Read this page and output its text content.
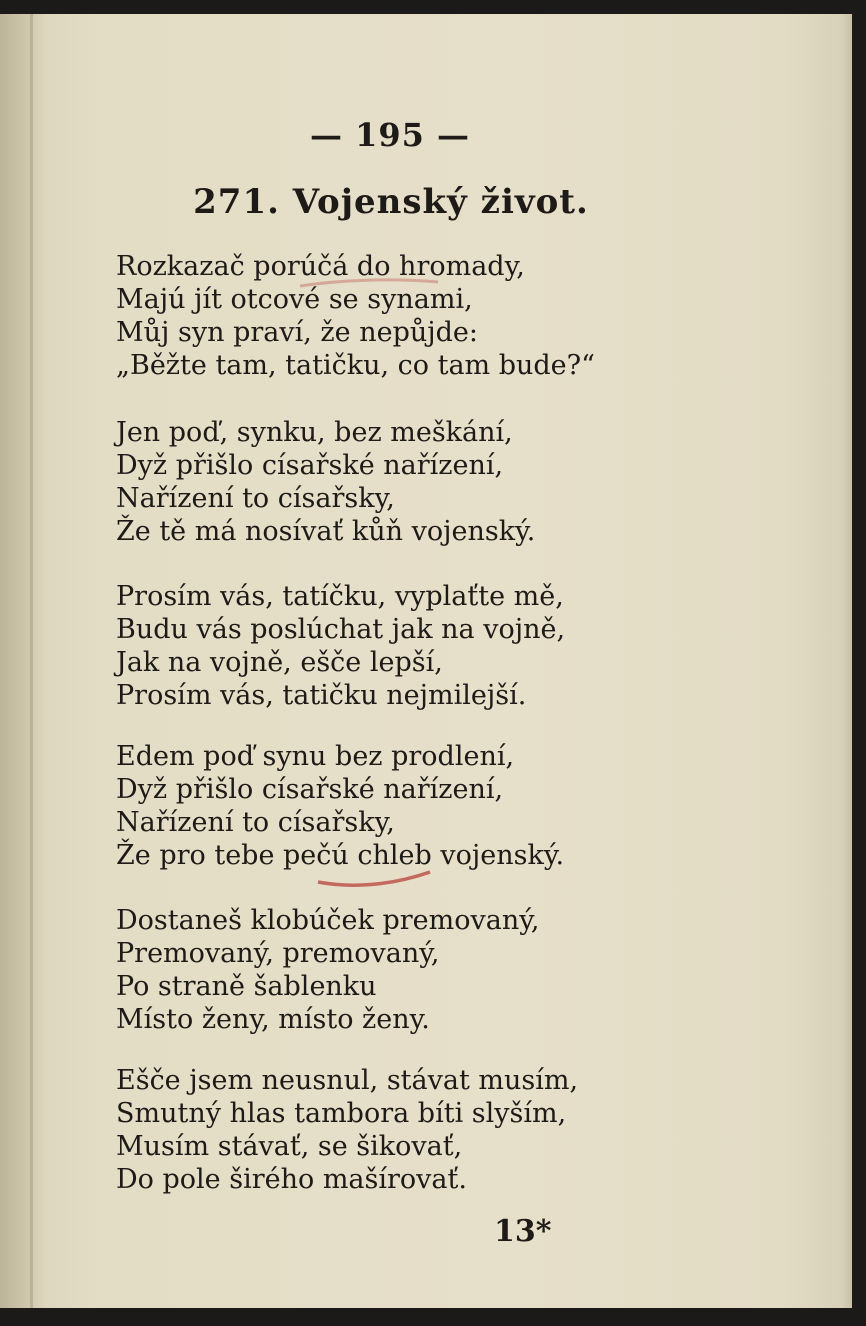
— 195 —
271. Vojenský život.
Rozkazač porúčá do hromady,
Majú jít otcové se synami,
Můj syn praví, že nepůjde:
„Běžte tam, tatičku, co tam bude?“
Jen poď, synku, bez meškání,
Dyž přišlo císařské nařízení,
Nařízení to císařsky,
Že tě má nosívať kůň vojenský.
Prosím vás, tatíčku, vyplaťte mě,
Budu vás poslúchat jak na vojně,
Jak na vojně, ešče lepší,
Prosím vás, tatičku nejmilejší.
Edem poď synu bez prodlení,
Dyž přišlo císařské nařízení,
Nařízení to císařsky,
Že pro tebe pečú chleb vojenský.
Dostaneš klobúček premovaný,
Premovaný, premovaný,
Po straně šablenku
Místo ženy, místo ženy.
Ešče jsem neusnul, stávat musím,
Smutný hlas tambora bíti slyším,
Musím stávať, se šikovať,
Do pole širého mašírovať.
13*
